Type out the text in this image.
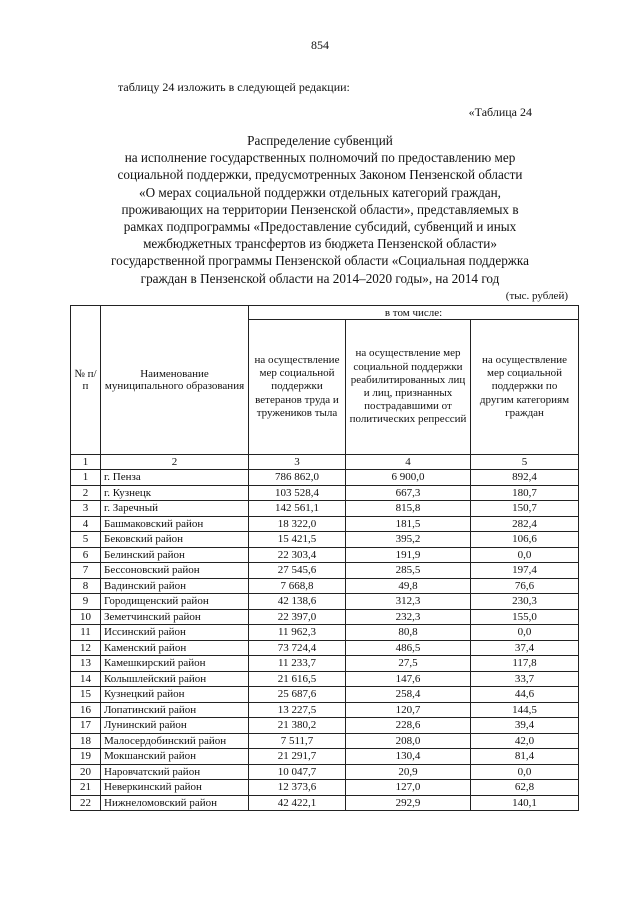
854
таблицу 24 изложить в следующей редакции:
«Таблица 24
Распределение субвенций
на исполнение государственных полномочий по предоставлению мер
социальной поддержки, предусмотренных Законом Пензенской области
«О мерах социальной поддержки отдельных категорий граждан,
проживающих на территории Пензенской области», представляемых в
рамках подпрограммы «Предоставление субсидий, субвенций и иных
межбюджетных трансфертов из бюджета Пензенской области»
государственной программы Пензенской области «Социальная поддержка
граждан в Пензенской области на 2014–2020 годы», на 2014 год
(тыс. рублей)
№ п/п	Наименование муниципального образования	в том числе:		
		на осуществление мер социальной поддержки ветеранов труда и тружеников тыла	на осуществление мер социальной поддержки реабилитированных лиц и лиц, признанных пострадавшими от политических репрессий	на осуществление мер социальной поддержки по другим категориям граждан
1	2	3	4	5
1	г. Пенза	786 862,0	6 900,0	892,4
2	г. Кузнецк	103 528,4	667,3	180,7
3	г. Заречный	142 561,1	815,8	150,7
4	Башмаковский район	18 322,0	181,5	282,4
5	Бековский район	15 421,5	395,2	106,6
6	Белинский район	22 303,4	191,9	0,0
7	Бессоновский район	27 545,6	285,5	197,4
8	Вадинский район	7 668,8	49,8	76,6
9	Городищенский район	42 138,6	312,3	230,3
10	Земетчинский район	22 397,0	232,3	155,0
11	Иссинский район	11 962,3	80,8	0,0
12	Каменский район	73 724,4	486,5	37,4
13	Камешкирский район	11 233,7	27,5	117,8
14	Колышлейский район	21 616,5	147,6	33,7
15	Кузнецкий район	25 687,6	258,4	44,6
16	Лопатинский район	13 227,5	120,7	144,5
17	Лунинский район	21 380,2	228,6	39,4
18	Малосердобинский район	7 511,7	208,0	42,0
19	Мокшанский район	21 291,7	130,4	81,4
20	Наровчатский район	10 047,7	20,9	0,0
21	Неверкинский район	12 373,6	127,0	62,8
22	Нижнеломовский район	42 422,1	292,9	140,1
